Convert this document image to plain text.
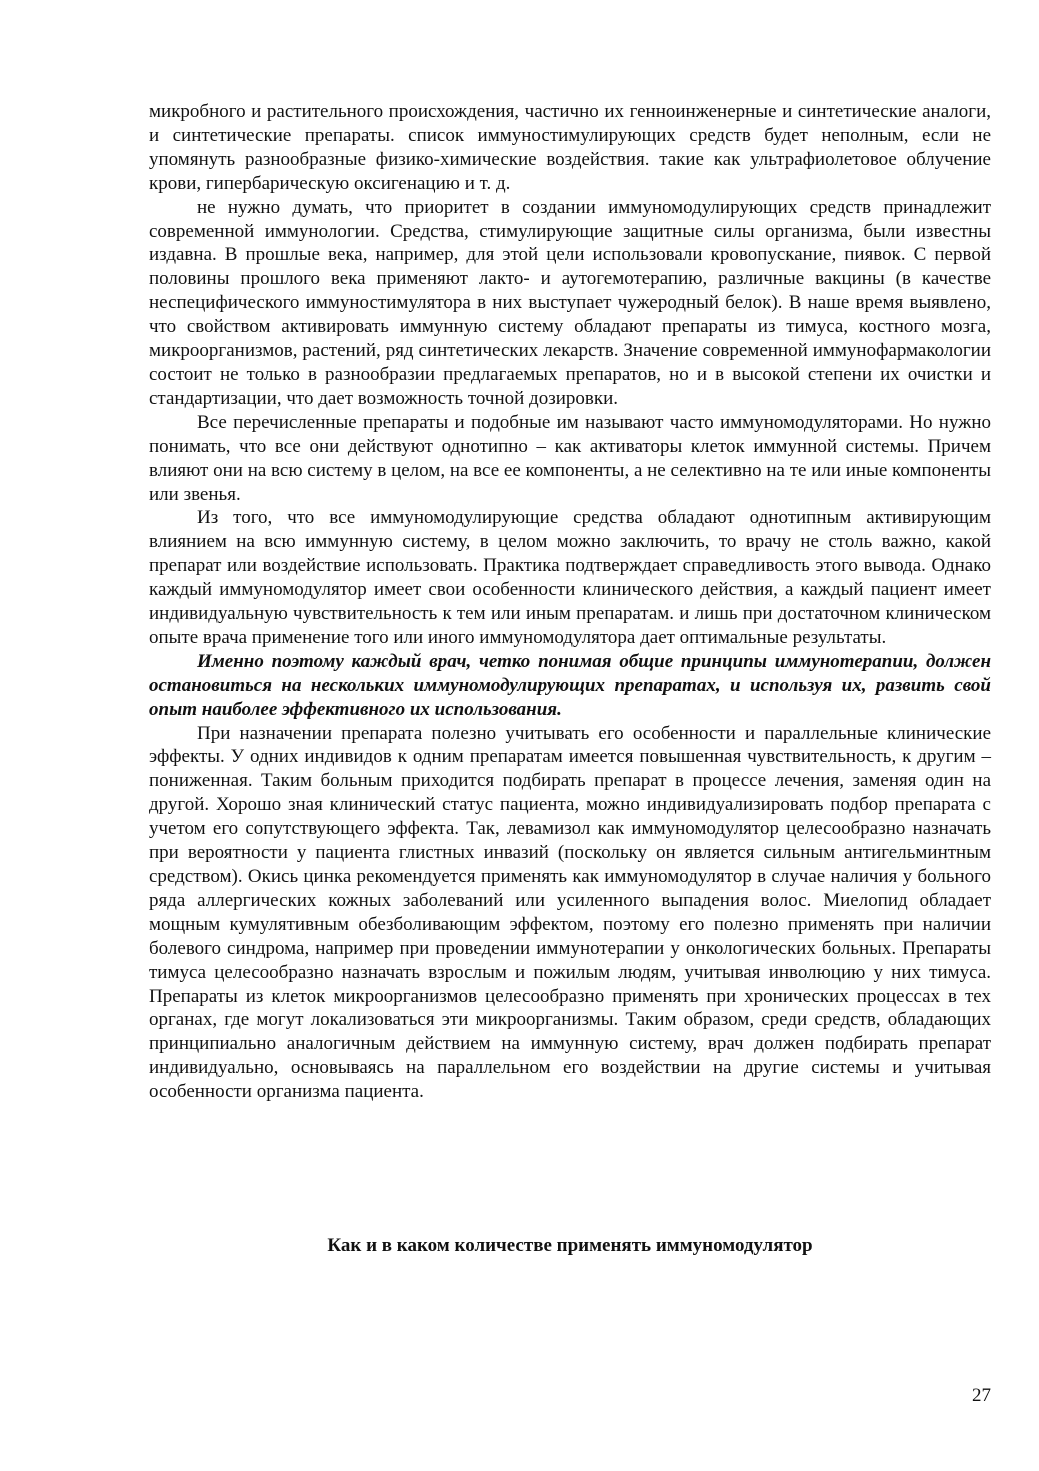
микробного и растительного происхождения, частично их генноинженерные и синтетические аналоги, и синтетические препараты. список иммуностимулирующих средств будет неполным, если не упомянуть разнообразные физико-химические воздействия. такие как ультрафиолетовое облучение крови, гипербарическую оксигенацию и т. д.

не нужно думать, что приоритет в создании иммуномодулирующих средств принадлежит современной иммунологии. Средства, стимулирующие защитные силы организма, были известны издавна. В прошлые века, например, для этой цели использовали кровопускание, пиявок. С первой половины прошлого века применяют лакто- и аутогемотерапию, различные вакцины (в качестве неспецифического иммуностимулятора в них выступает чужеродный белок). В наше время выявлено, что свойством активировать иммунную систему обладают препараты из тимуса, костного мозга, микроорганизмов, растений, ряд синтетических лекарств. Значение современной иммунофармакологии состоит не только в разнообразии предлагаемых препаратов, но и в высокой степени их очистки и стандартизации, что дает возможность точной дозировки.

Все перечисленные препараты и подобные им называют часто иммуномодуляторами. Но нужно понимать, что все они действуют однотипно – как активаторы клеток иммунной системы. Причем влияют они на всю систему в целом, на все ее компоненты, а не селективно на те или иные компоненты или звенья.

Из того, что все иммуномодулирующие средства обладают однотипным активирующим влиянием на всю иммунную систему, в целом можно заключить, то врачу не столь важно, какой препарат или воздействие использовать. Практика подтверждает справедливость этого вывода. Однако каждый иммуномодулятор имеет свои особенности клинического действия, а каждый пациент имеет индивидуальную чувствительность к тем или иным препаратам. и лишь при достаточном клиническом опыте врача применение того или иного иммуномодулятора дает оптимальные результаты.

Именно поэтому каждый врач, четко понимая общие принципы иммунотерапии, должен остановиться на нескольких иммуномодулирующих препаратах, и используя их, развить свой опыт наиболее эффективного их использования.

При назначении препарата полезно учитывать его особенности и параллельные клинические эффекты. У одних индивидов к одним препаратам имеется повышенная чувствительность, к другим – пониженная. Таким больным приходится подбирать препарат в процессе лечения, заменяя один на другой. Хорошо зная клинический статус пациента, можно индивидуализировать подбор препарата с учетом его сопутствующего эффекта. Так, левамизол как иммуномодулятор целесообразно назначать при вероятности у пациента глистных инвазий (поскольку он является сильным антигельминтным средством). Окись цинка рекомендуется применять как иммуномодулятор в случае наличия у больного ряда аллергических кожных заболеваний или усиленного выпадения волос. Миелопид обладает мощным кумулятивным обезболивающим эффектом, поэтому его полезно применять при наличии болевого синдрома, например при проведении иммунотерапии у онкологических больных. Препараты тимуса целесообразно назначать взрослым и пожилым людям, учитывая инволюцию у них тимуса. Препараты из клеток микроорганизмов целесообразно применять при хронических процессах в тех органах, где могут локализоваться эти микроорганизмы. Таким образом, среди средств, обладающих принципиально аналогичным действием на иммунную систему, врач должен подбирать препарат индивидуально, основываясь на параллельном его воздействии на другие системы и учитывая особенности организма пациента.

Как и в каком количестве применять иммуномодулятор
27
